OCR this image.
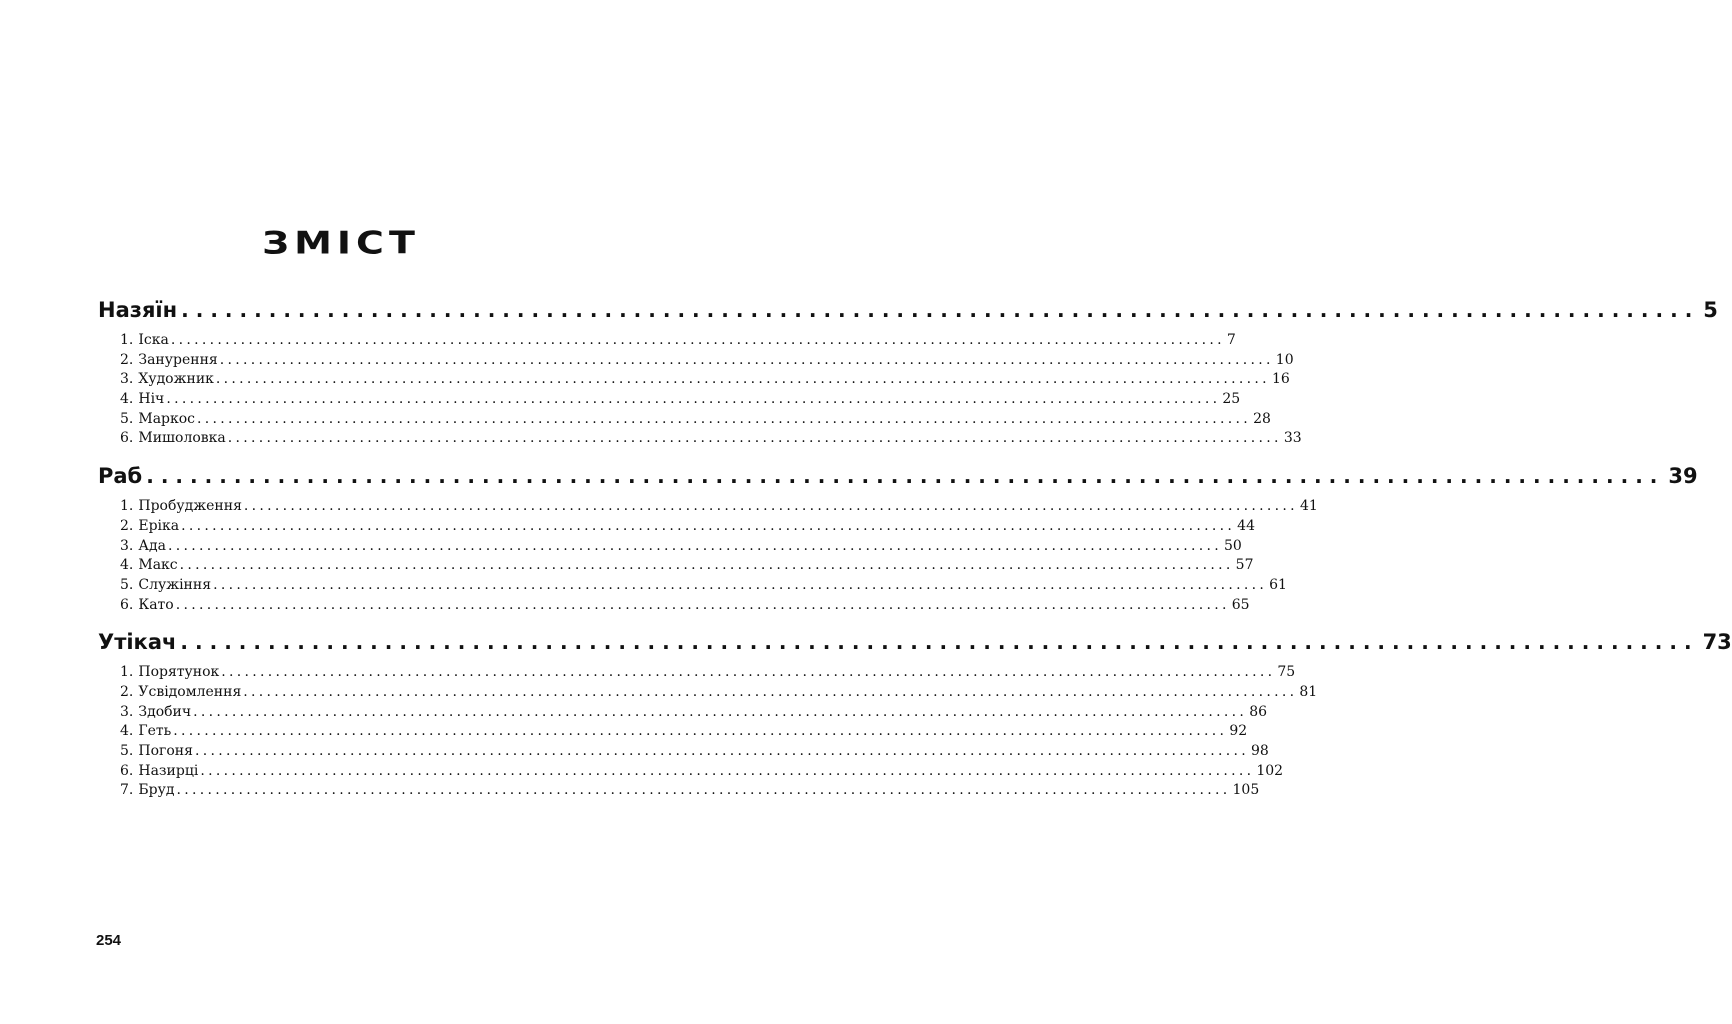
ЗМІСТ
Назяїн ........................................................................................................ 5
1. Іска ........................................................................................................................................ 7
2. Занурення ........................................................................................................................................ 10
3. Художник ........................................................................................................................................ 16
4. Ніч ........................................................................................................................................ 25
5. Маркос ........................................................................................................................................ 28
6. Мишоловка ........................................................................................................................................ 33
Раб ........................................................................................................ 39
1. Пробудження ........................................................................................................................................ 41
2. Еріка ........................................................................................................................................ 44
3. Ада ........................................................................................................................................ 50
4. Макс ........................................................................................................................................ 57
5. Служіння ........................................................................................................................................ 61
6. Като ........................................................................................................................................ 65
Утікач ........................................................................................................ 73
1. Порятунок ........................................................................................................................................ 75
2. Усвідомлення ........................................................................................................................................ 81
3. Здобич ........................................................................................................................................ 86
4. Геть ........................................................................................................................................ 92
5. Погоня ........................................................................................................................................ 98
6. Назирці ........................................................................................................................................ 102
7. Бруд ........................................................................................................................................ 105
254
